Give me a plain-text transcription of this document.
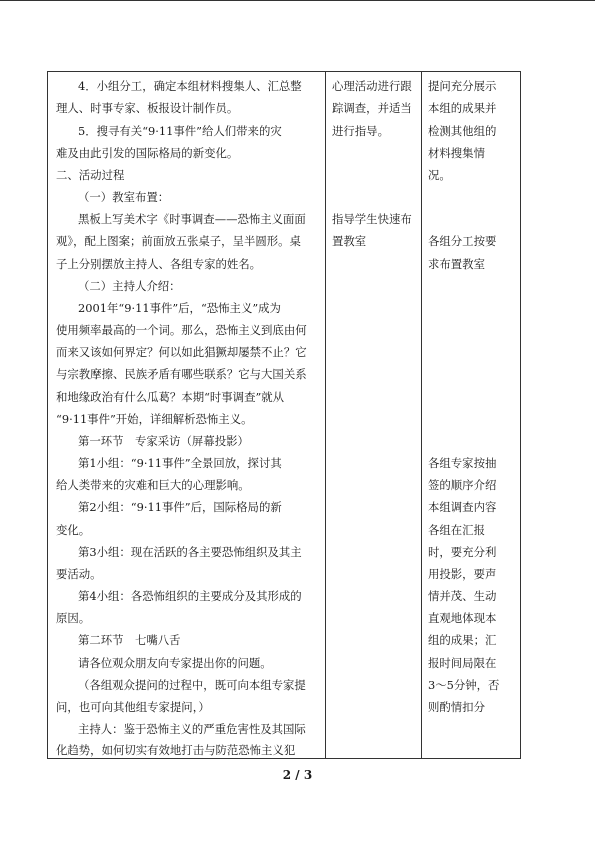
4．小组分工，确定本组材料搜集人、汇总整
理人、时事专家、板报设计制作员。
5．搜寻有关“9·11事件”给人们带来的灾
难及由此引发的国际格局的新变化。
二、活动过程
（一）教室布置：
黑板上写美术字《时事调查——恐怖主义面面
观》，配上图案；前面放五张桌子，呈半圆形。桌
子上分别摆放主持人、各组专家的姓名。
（二）主持人介绍：
2001年“9·11事件”后，“恐怖主义”成为
使用频率最高的一个词。那么，恐怖主义到底由何
而来又该如何界定？何以如此猖獗却屡禁不止？它
与宗教摩擦、民族矛盾有哪些联系？它与大国关系
和地缘政治有什么瓜葛？本期“时事调查”就从
“9·11事件”开始，详细解析恐怖主义。
第一环节　专家采访（屏幕投影）
第1小组：“9·11事件”全景回放，探讨其
给人类带来的灾难和巨大的心理影响。
第2小组：“9·11事件”后，国际格局的新
变化。
第3小组：现在活跃的各主要恐怖组织及其主
要活动。
第4小组：各恐怖组织的主要成分及其形成的
原因。
第二环节　七嘴八舌
请各位观众朋友向专家提出你的问题。
（各组观众提问的过程中，既可向本组专家提
问，也可向其他组专家提问，）
主持人：鉴于恐怖主义的严重危害性及其国际
化趋势，如何切实有效地打击与防范恐怖主义犯

心理活动进行跟
踪调查，并适当
进行指导。
指导学生快速布
置教室

提问充分展示
本组的成果并
检测其他组的
材料搜集情
况。
各组分工按要
求布置教室
各组专家按抽
签的顺序介绍
本组调查内容
各组在汇报
时，要充分利
用投影，要声
情并茂、生动
直观地体现本
组的成果；汇
报时间局限在
3～5分钟，否
则酌情扣分
2 / 3
